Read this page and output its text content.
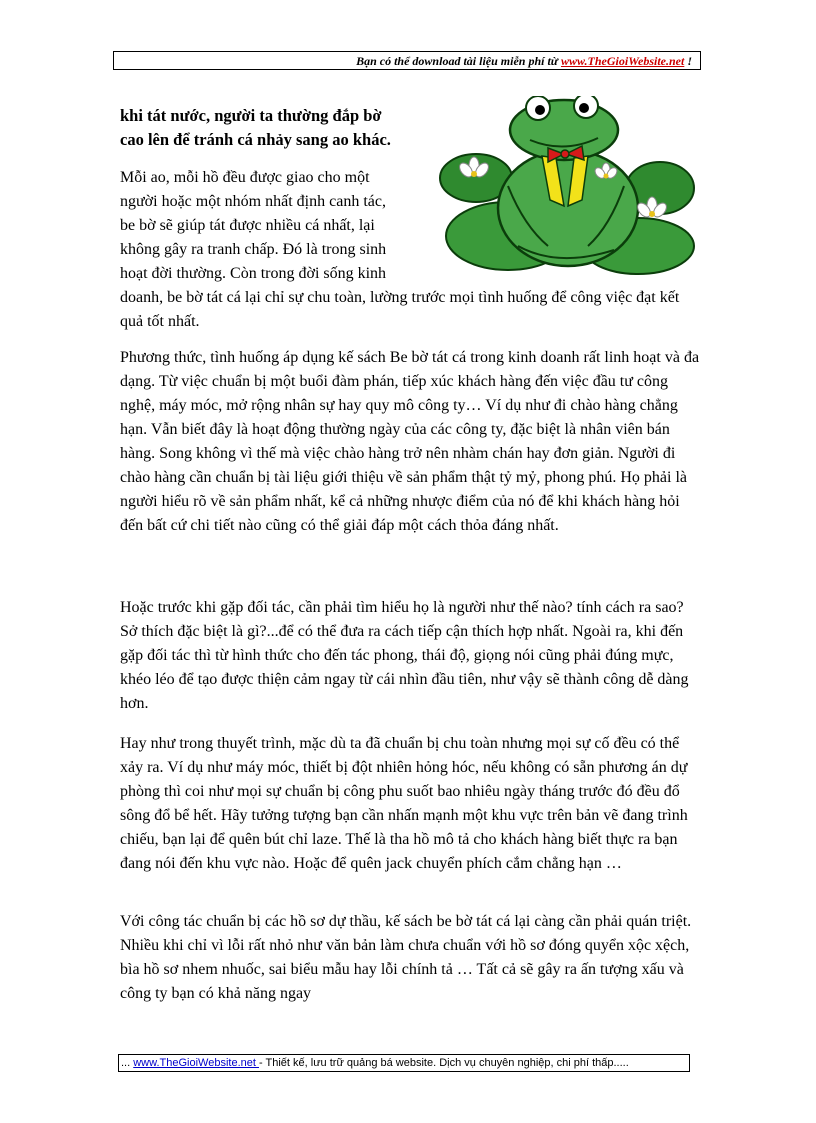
Bạn có thể download tài liệu miễn phí từ www.TheGioiWebsite.net !
khi tát nước, người ta thường đắp bờ
cao lên để tránh cá nhảy sang ao khác.
Mỗi ao, mỗi hồ đều được giao cho một
người hoặc một nhóm nhất định canh tác,
be bờ sẽ giúp tát được nhiều cá nhất, lại
không gây ra tranh chấp. Đó là trong sinh
hoạt đời thường. Còn trong đời sống kinh
doanh, be bờ tát cá lại chỉ sự chu toàn, lường trước mọi tình huống để công việc đạt kết quả tốt nhất.

Phương thức, tình huống áp dụng kế sách Be bờ tát cá trong kinh doanh rất linh hoạt và đa dạng. Từ việc chuẩn bị một buổi đàm phán, tiếp xúc khách hàng đến việc đầu tư công nghệ, máy móc, mở rộng nhân sự hay quy mô công ty… Ví dụ như đi chào hàng chẳng hạn. Vẫn biết đây là hoạt động thường ngày của các công ty, đặc biệt là nhân viên bán hàng. Song không vì thế mà việc chào hàng trở nên nhàm chán hay đơn giản. Người đi chào hàng cần chuẩn bị tài liệu giới thiệu về sản phẩm thật tỷ mỷ, phong phú. Họ phải là người hiểu rõ về sản phẩm nhất, kể cả những nhược điểm của nó để khi khách hàng hỏi đến bất cứ chi tiết nào cũng có thể giải đáp một cách thỏa đáng nhất.

Hoặc trước khi gặp đối tác, cần phải tìm hiểu họ là người như thế nào? tính cách ra sao? Sở thích đặc biệt là gì?...để có thể đưa ra cách tiếp cận thích hợp nhất. Ngoài ra, khi đến gặp đối tác thì từ hình thức cho đến tác phong, thái độ, giọng nói cũng phải đúng mực, khéo léo để tạo được thiện cảm ngay từ cái nhìn đầu tiên, như vậy sẽ thành công dễ dàng hơn.

Hay như trong thuyết trình, mặc dù ta đã chuẩn bị chu toàn nhưng mọi sự cố đều có thể xảy ra. Ví dụ như máy móc, thiết bị đột nhiên hỏng hóc, nếu không có sẵn phương án dự phòng thì coi như mọi sự chuẩn bị công phu suốt bao nhiêu ngày tháng trước đó đều đổ sông đổ bể hết. Hãy tưởng tượng bạn cần nhấn mạnh một khu vực trên bản vẽ đang trình chiếu, bạn lại để quên bút chỉ laze. Thế là tha hồ mô tả cho khách hàng biết thực ra bạn đang nói đến khu vực nào. Hoặc để quên jack chuyển phích cắm chẳng hạn …

Với công tác chuẩn bị các hồ sơ dự thầu, kế sách be bờ tát cá lại càng cần phải quán triệt. Nhiều khi chỉ vì lỗi rất nhỏ như văn bản làm chưa chuẩn với hồ sơ đóng quyển xộc xệch, bìa hồ sơ nhem nhuốc, sai biểu mẫu hay lỗi chính tả … Tất cả sẽ gây ra ấn tượng xấu và công ty bạn có khả năng ngay

... www.TheGioiWebsite.net - Thiết kế, lưu trữ quảng bá website. Dịch vụ chuyên nghiệp, chi phí thấp.....
